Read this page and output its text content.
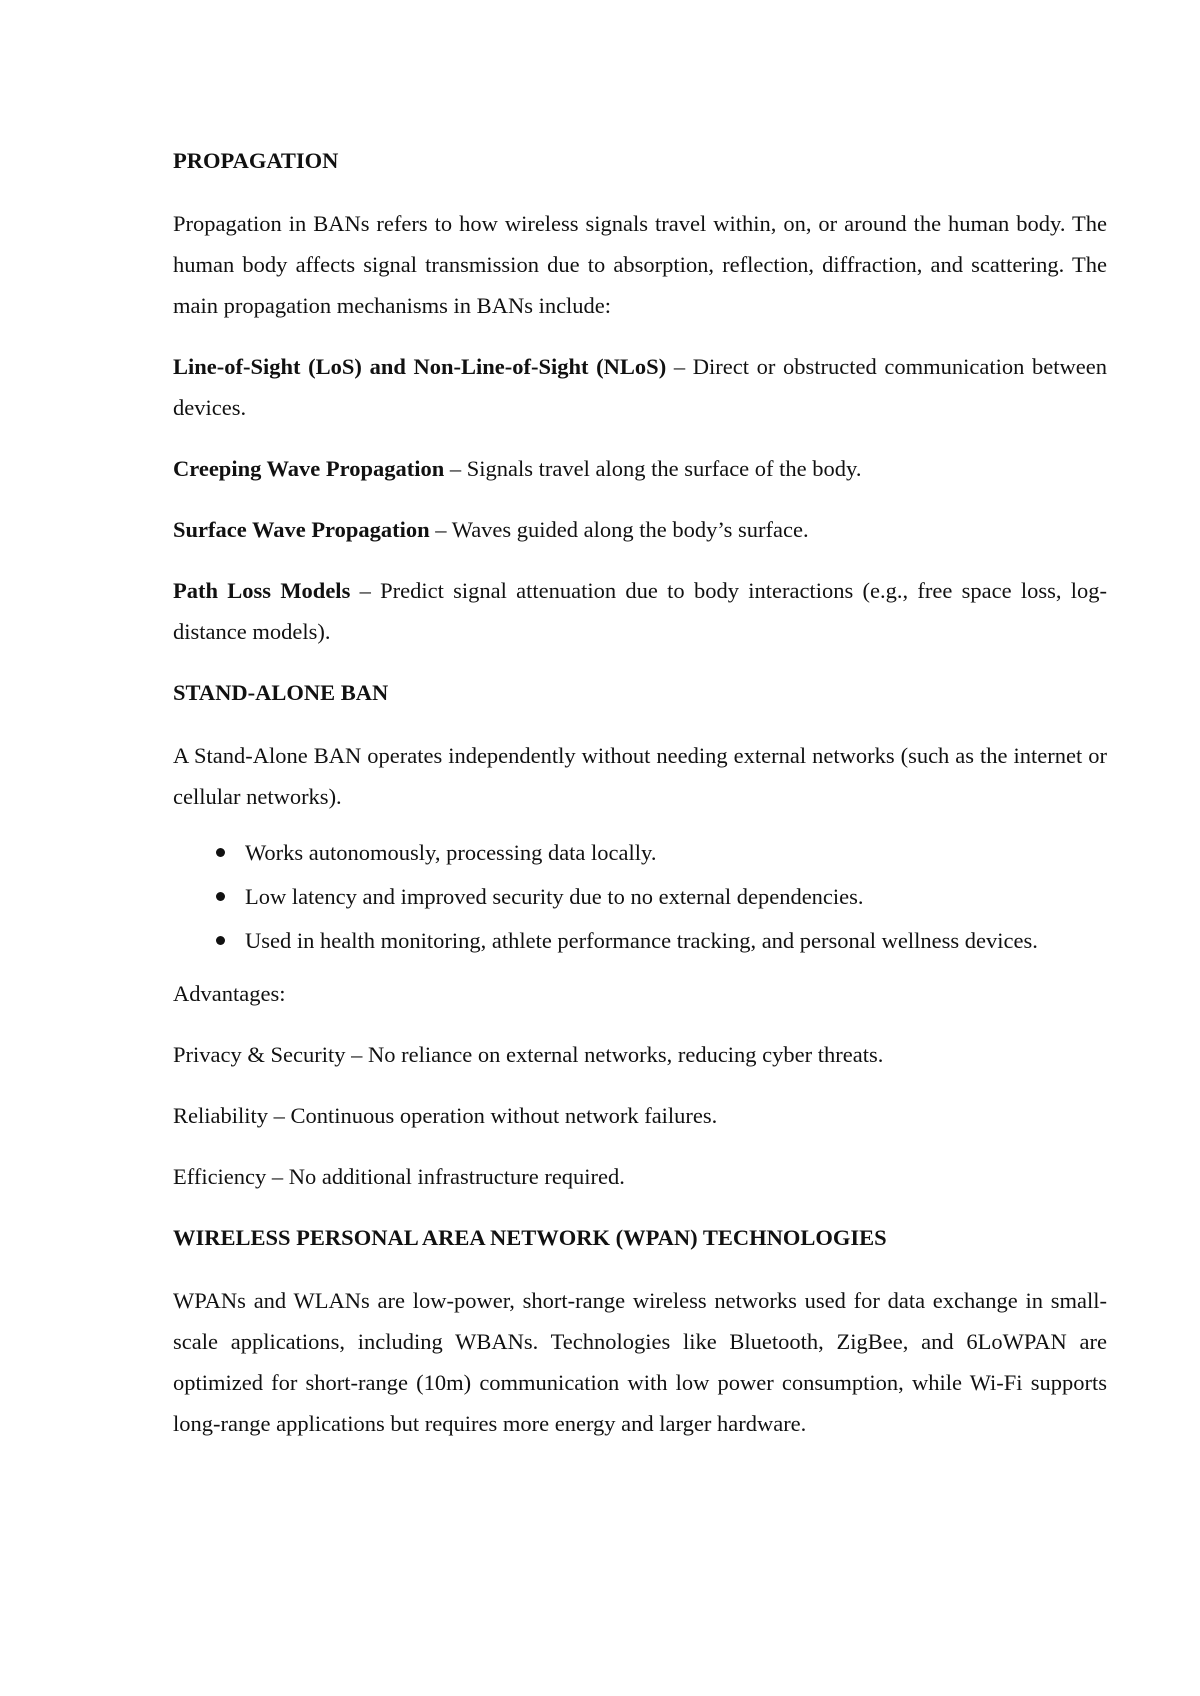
PROPAGATION

Propagation in BANs refers to how wireless signals travel within, on, or around the human body. The human body affects signal transmission due to absorption, reflection, diffraction, and scattering. The main propagation mechanisms in BANs include:

Line-of-Sight (LoS) and Non-Line-of-Sight (NLoS) – Direct or obstructed communication between devices.

Creeping Wave Propagation – Signals travel along the surface of the body.

Surface Wave Propagation – Waves guided along the body’s surface.

Path Loss Models – Predict signal attenuation due to body interactions (e.g., free space loss, log-distance models).

STAND-ALONE BAN

A Stand-Alone BAN operates independently without needing external networks (such as the internet or cellular networks).

Works autonomously, processing data locally.
Low latency and improved security due to no external dependencies.
Used in health monitoring, athlete performance tracking, and personal wellness devices.

Advantages:

Privacy & Security – No reliance on external networks, reducing cyber threats.

Reliability – Continuous operation without network failures.

Efficiency – No additional infrastructure required.

WIRELESS PERSONAL AREA NETWORK (WPAN) TECHNOLOGIES

WPANs and WLANs are low-power, short-range wireless networks used for data exchange in small-scale applications, including WBANs. Technologies like Bluetooth, ZigBee, and 6LoWPAN are optimized for short-range (10m) communication with low power consumption, while Wi-Fi supports long-range applications but requires more energy and larger hardware.
